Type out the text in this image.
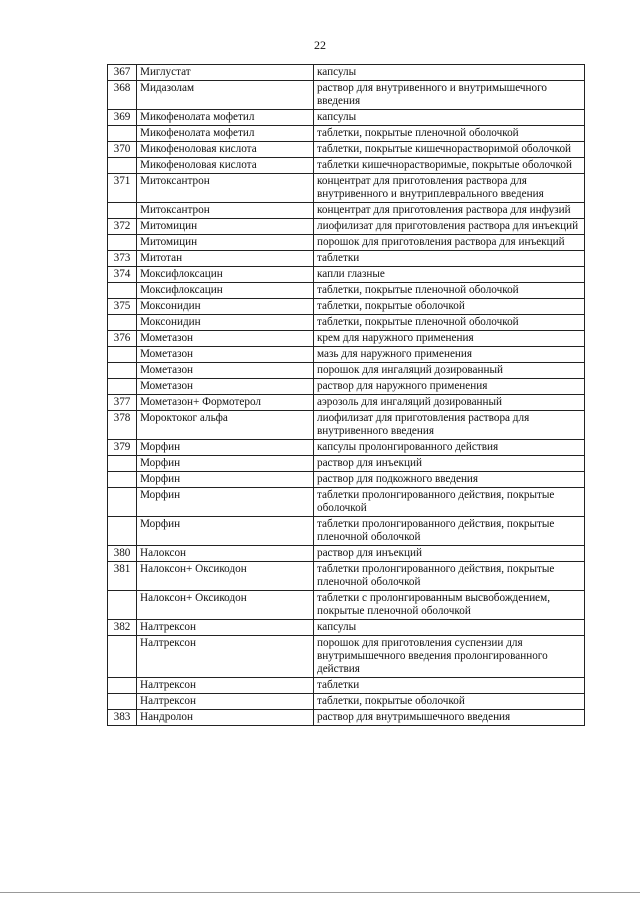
22
367	Миглустат	капсулы
368	Мидазолам	раствор для внутривенного и внутримышечного введения
369	Микофенолата мофетил	капсулы
	Микофенолата мофетил	таблетки, покрытые пленочной оболочкой
370	Микофеноловая кислота	таблетки, покрытые кишечнорастворимой оболочкой
	Микофеноловая кислота	таблетки кишечнорастворимые, покрытые оболочкой
371	Митоксантрон	концентрат для приготовления раствора для внутривенного и внутриплеврального введения
	Митоксантрон	концентрат для приготовления раствора для инфузий
372	Митомицин	лиофилизат для приготовления раствора для инъекций
	Митомицин	порошок для приготовления раствора для инъекций
373	Митотан	таблетки
374	Моксифлоксацин	капли глазные
	Моксифлоксацин	таблетки, покрытые пленочной оболочкой
375	Моксонидин	таблетки, покрытые оболочкой
	Моксонидин	таблетки, покрытые пленочной оболочкой
376	Мометазон	крем для наружного применения
	Мометазон	мазь для наружного применения
	Мометазон	порошок для ингаляций дозированный
	Мометазон	раствор для наружного применения
377	Мометазон+ Формотерол	аэрозоль для ингаляций дозированный
378	Мороктоког альфа	лиофилизат для приготовления раствора для внутривенного введения
379	Морфин	капсулы пролонгированного действия
	Морфин	раствор для инъекций
	Морфин	раствор для подкожного введения
	Морфин	таблетки пролонгированного действия, покрытые оболочкой
	Морфин	таблетки пролонгированного действия, покрытые пленочной оболочкой
380	Налоксон	раствор для инъекций
381	Налоксон+ Оксикодон	таблетки пролонгированного действия, покрытые пленочной оболочкой
	Налоксон+ Оксикодон	таблетки с пролонгированным высвобождением, покрытые пленочной оболочкой
382	Налтрексон	капсулы
	Налтрексон	порошок для приготовления суспензии для внутримышечного введения пролонгированного действия
	Налтрексон	таблетки
	Налтрексон	таблетки, покрытые оболочкой
383	Нандролон	раствор для внутримышечного введения
